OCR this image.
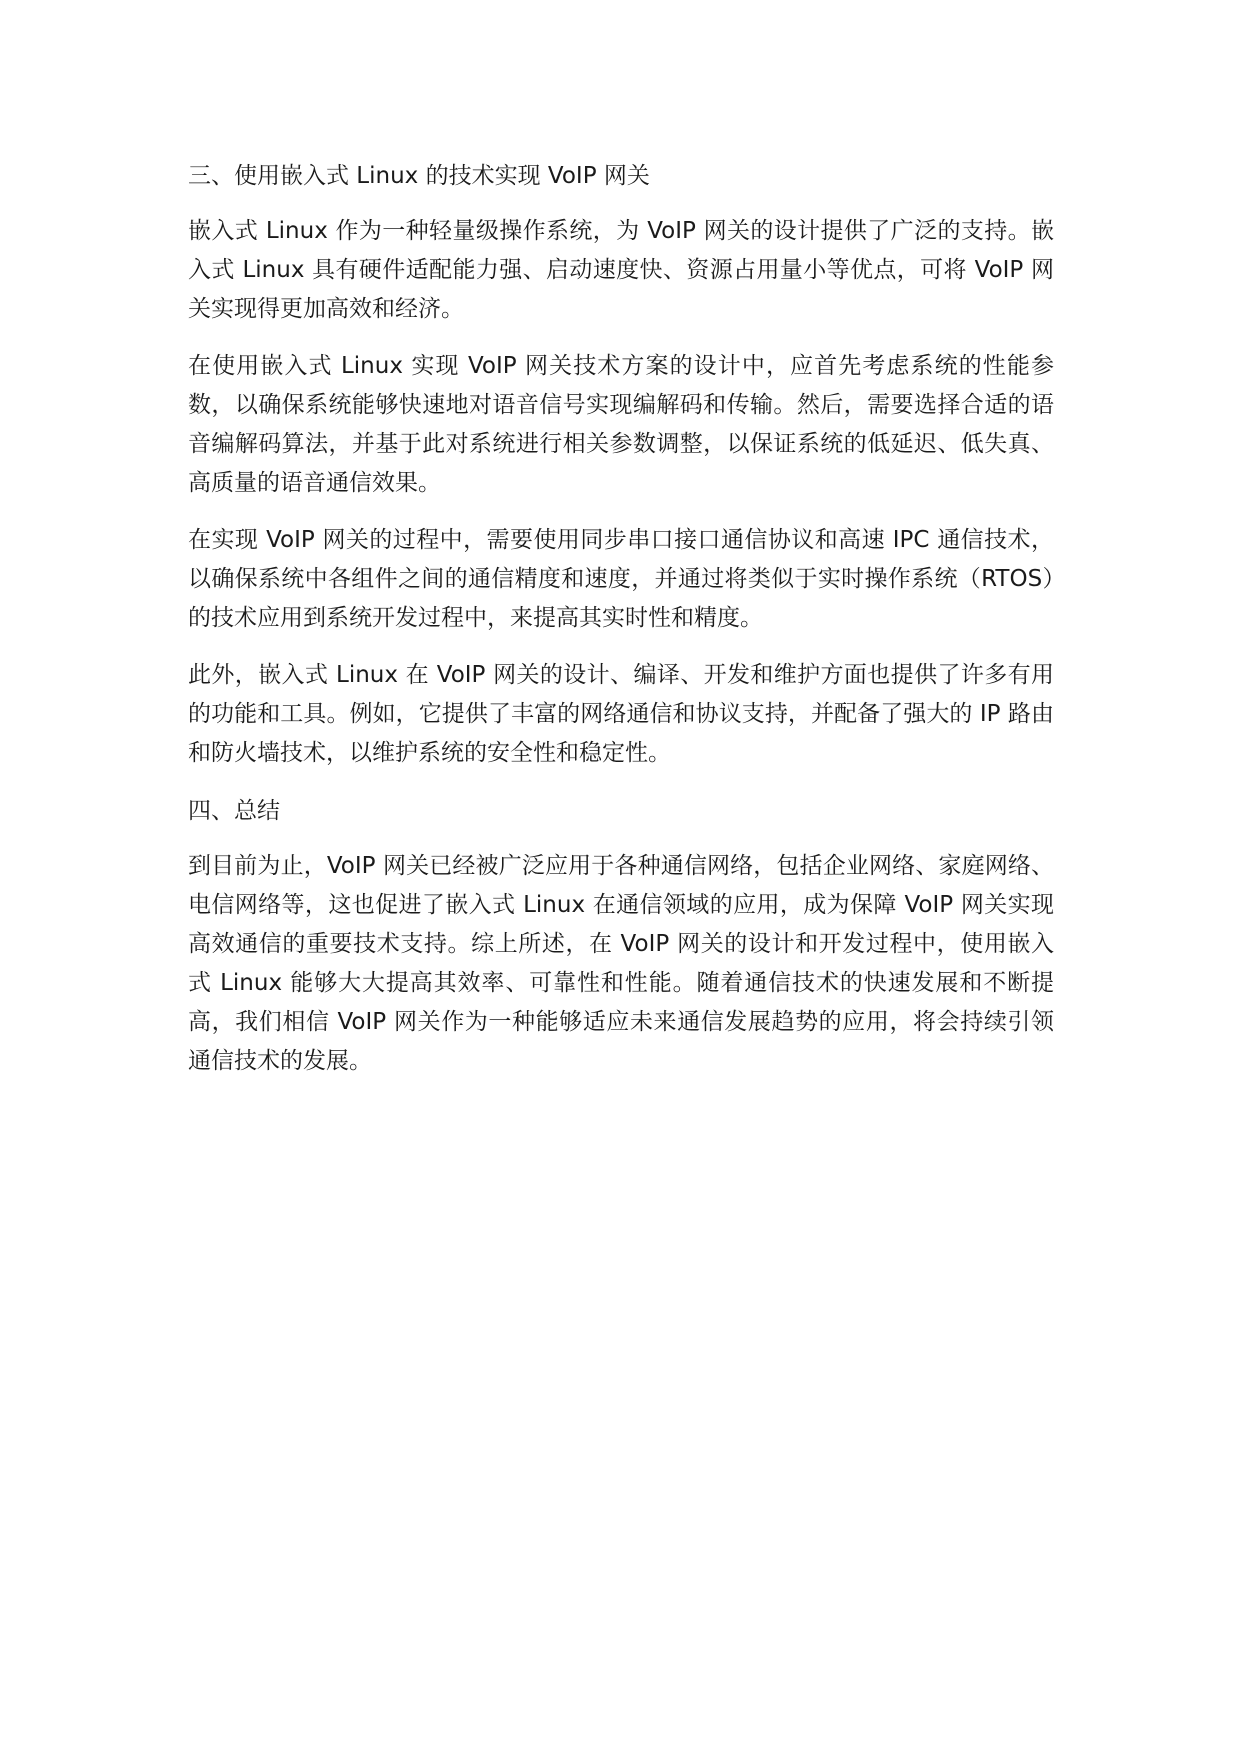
三、使用嵌入式 Linux 的技术实现 VoIP 网关

嵌入式 Linux 作为一种轻量级操作系统，为 VoIP 网关的设计提供了广泛的支持。嵌入式 Linux 具有硬件适配能力强、启动速度快、资源占用量小等优点，可将 VoIP 网关实现得更加高效和经济。

在使用嵌入式 Linux 实现 VoIP 网关技术方案的设计中，应首先考虑系统的性能参数，以确保系统能够快速地对语音信号实现编解码和传输。然后，需要选择合适的语音编解码算法，并基于此对系统进行相关参数调整，以保证系统的低延迟、低失真、高质量的语音通信效果。

在实现 VoIP 网关的过程中，需要使用同步串口接口通信协议和高速 IPC 通信技术，以确保系统中各组件之间的通信精度和速度，并通过将类似于实时操作系统（RTOS）的技术应用到系统开发过程中，来提高其实时性和精度。

此外，嵌入式 Linux 在 VoIP 网关的设计、编译、开发和维护方面也提供了许多有用的功能和工具。例如，它提供了丰富的网络通信和协议支持，并配备了强大的 IP 路由和防火墙技术，以维护系统的安全性和稳定性。

四、总结

到目前为止，VoIP 网关已经被广泛应用于各种通信网络，包括企业网络、家庭网络、电信网络等，这也促进了嵌入式 Linux 在通信领域的应用，成为保障 VoIP 网关实现高效通信的重要技术支持。综上所述，在 VoIP 网关的设计和开发过程中，使用嵌入式 Linux 能够大大提高其效率、可靠性和性能。随着通信技术的快速发展和不断提高，我们相信 VoIP 网关作为一种能够适应未来通信发展趋势的应用，将会持续引领通信技术的发展。
